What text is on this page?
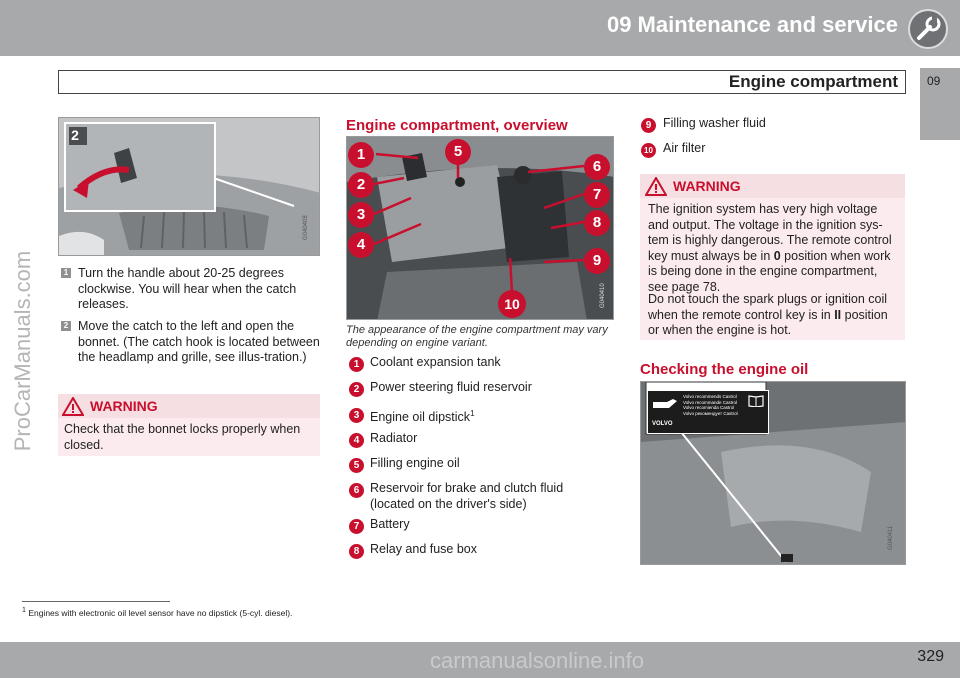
09 Maintenance and service
Engine compartment 09
ProCarManuals.com
2
G040408
1 Turn the handle about 20-25 degrees clockwise. You will hear when the catch releases.
2 Move the catch to the left and open the bonnet. (The catch hook is located between the headlamp and grille, see illus-tration.)
WARNING
Check that the bonnet locks properly when closed.
Engine compartment, overview
1
2
3
4
5
6
7
8
9
10	G040410
The appearance of the engine compartment may vary depending on engine variant.
1 Coolant expansion tank
2 Power steering fluid reservoir
3 Engine oil dipstick$^1$
4 Radiator
5 Filling engine oil
6 Reservoir for brake and clutch fluid (located on the driver's side)
7 Battery
8 Relay and fuse box
9 Filling washer fluid
10 Air filter
WARNING
The ignition system has very high voltage and output. The voltage in the ignition sys-tem is highly dangerous. The remote control key must always be in 0 position when work is being done in the engine compartment, see page 78.
Do not touch the spark plugs or ignition coil when the remote control key is in II position or when the engine is hot.
Checking the engine oil
Volvo recommends Castrol
Volvo recommande Castrol
Volvo recomienda Castrol
Volvo рекомендует Castrol
VOLVO
G040411
$^1$ Engines with electronic oil level sensor have no dipstick (5-cyl. diesel).
carmanualsonline.info	329
